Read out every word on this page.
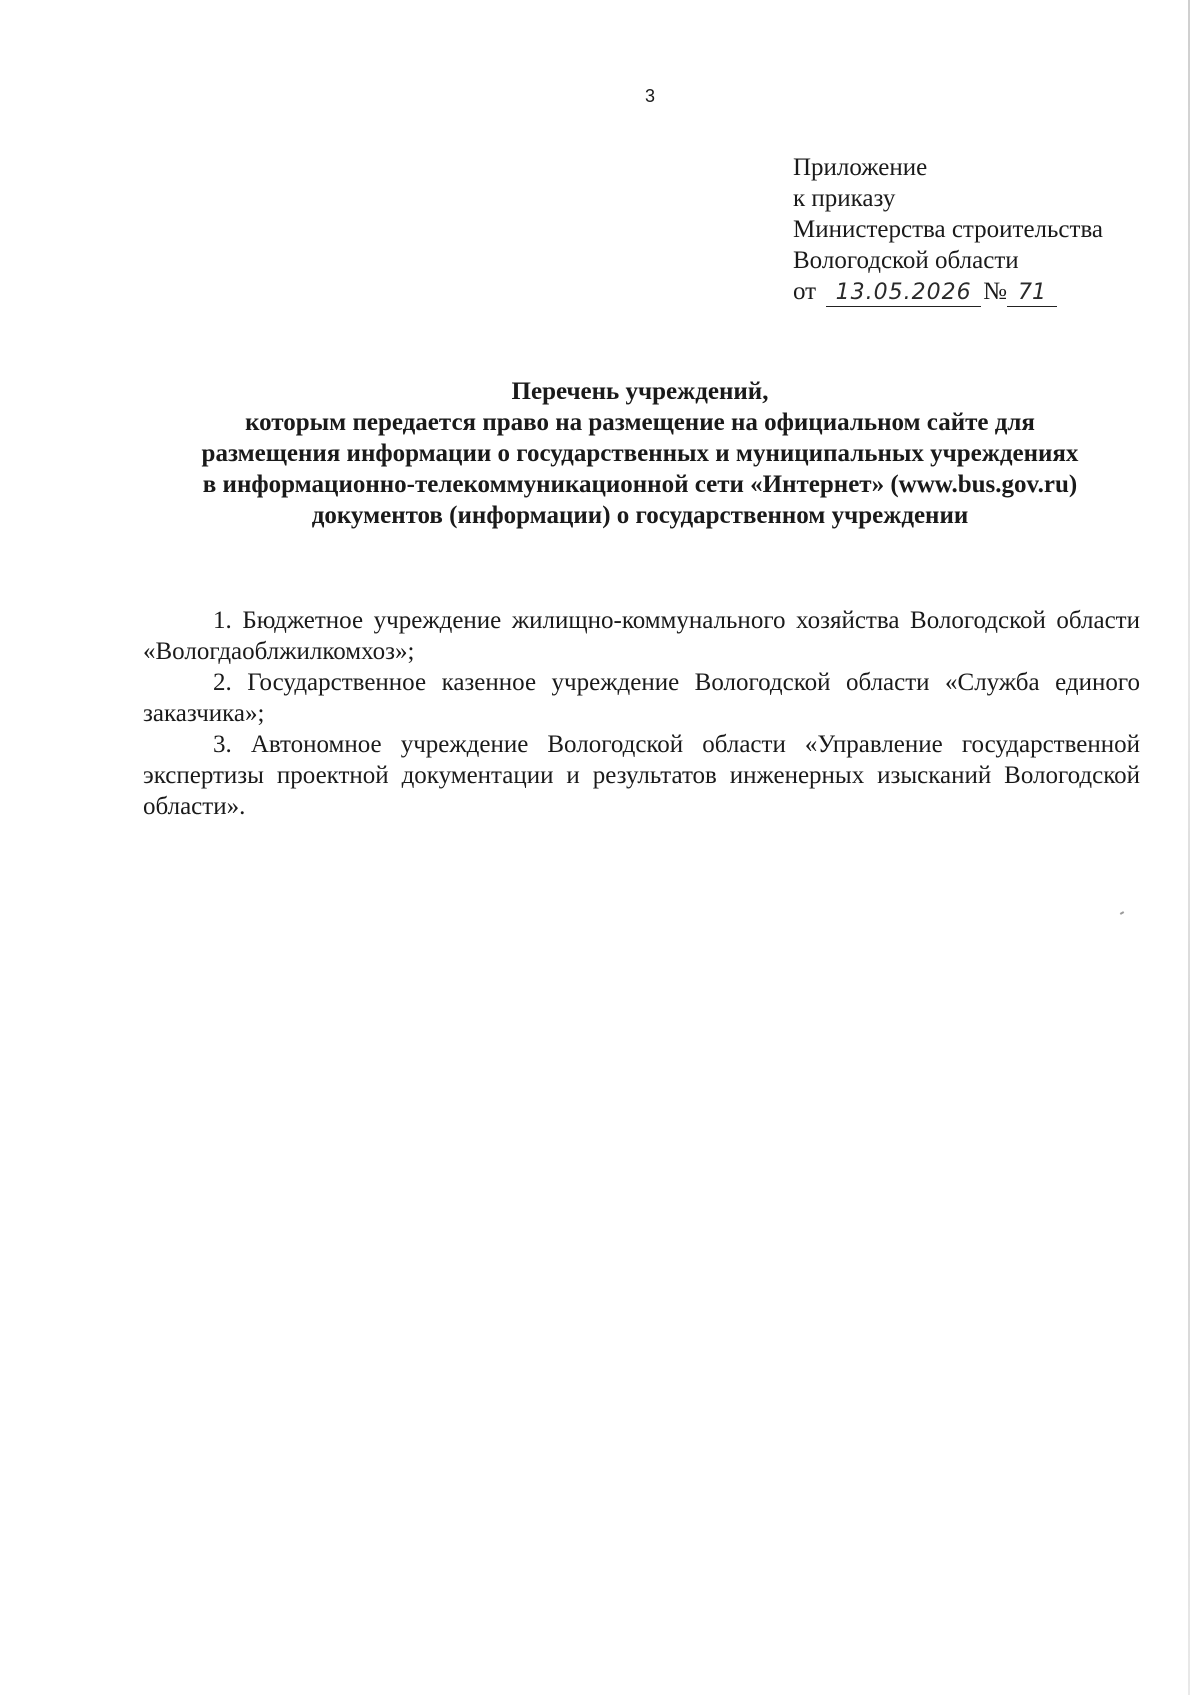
3
Приложение
к приказу
Министерства строительства
Вологодской области
от 13.05.2026 № 71
Перечень учреждений,
которым передается право на размещение на официальном сайте для
размещения информации о государственных и муниципальных учреждениях
в информационно-телекоммуникационной сети «Интернет» (www.bus.gov.ru)
документов (информации) о государственном учреждении

1. Бюджетное учреждение жилищно-коммунального хозяйства Вологодской области «Вологдаоблжилкомхоз»;

2. Государственное казенное учреждение Вологодской области «Служба единого заказчика»;

3. Автономное учреждение Вологодской области «Управление государственной экспертизы проектной документации и результатов инженерных изысканий Вологодской области».
